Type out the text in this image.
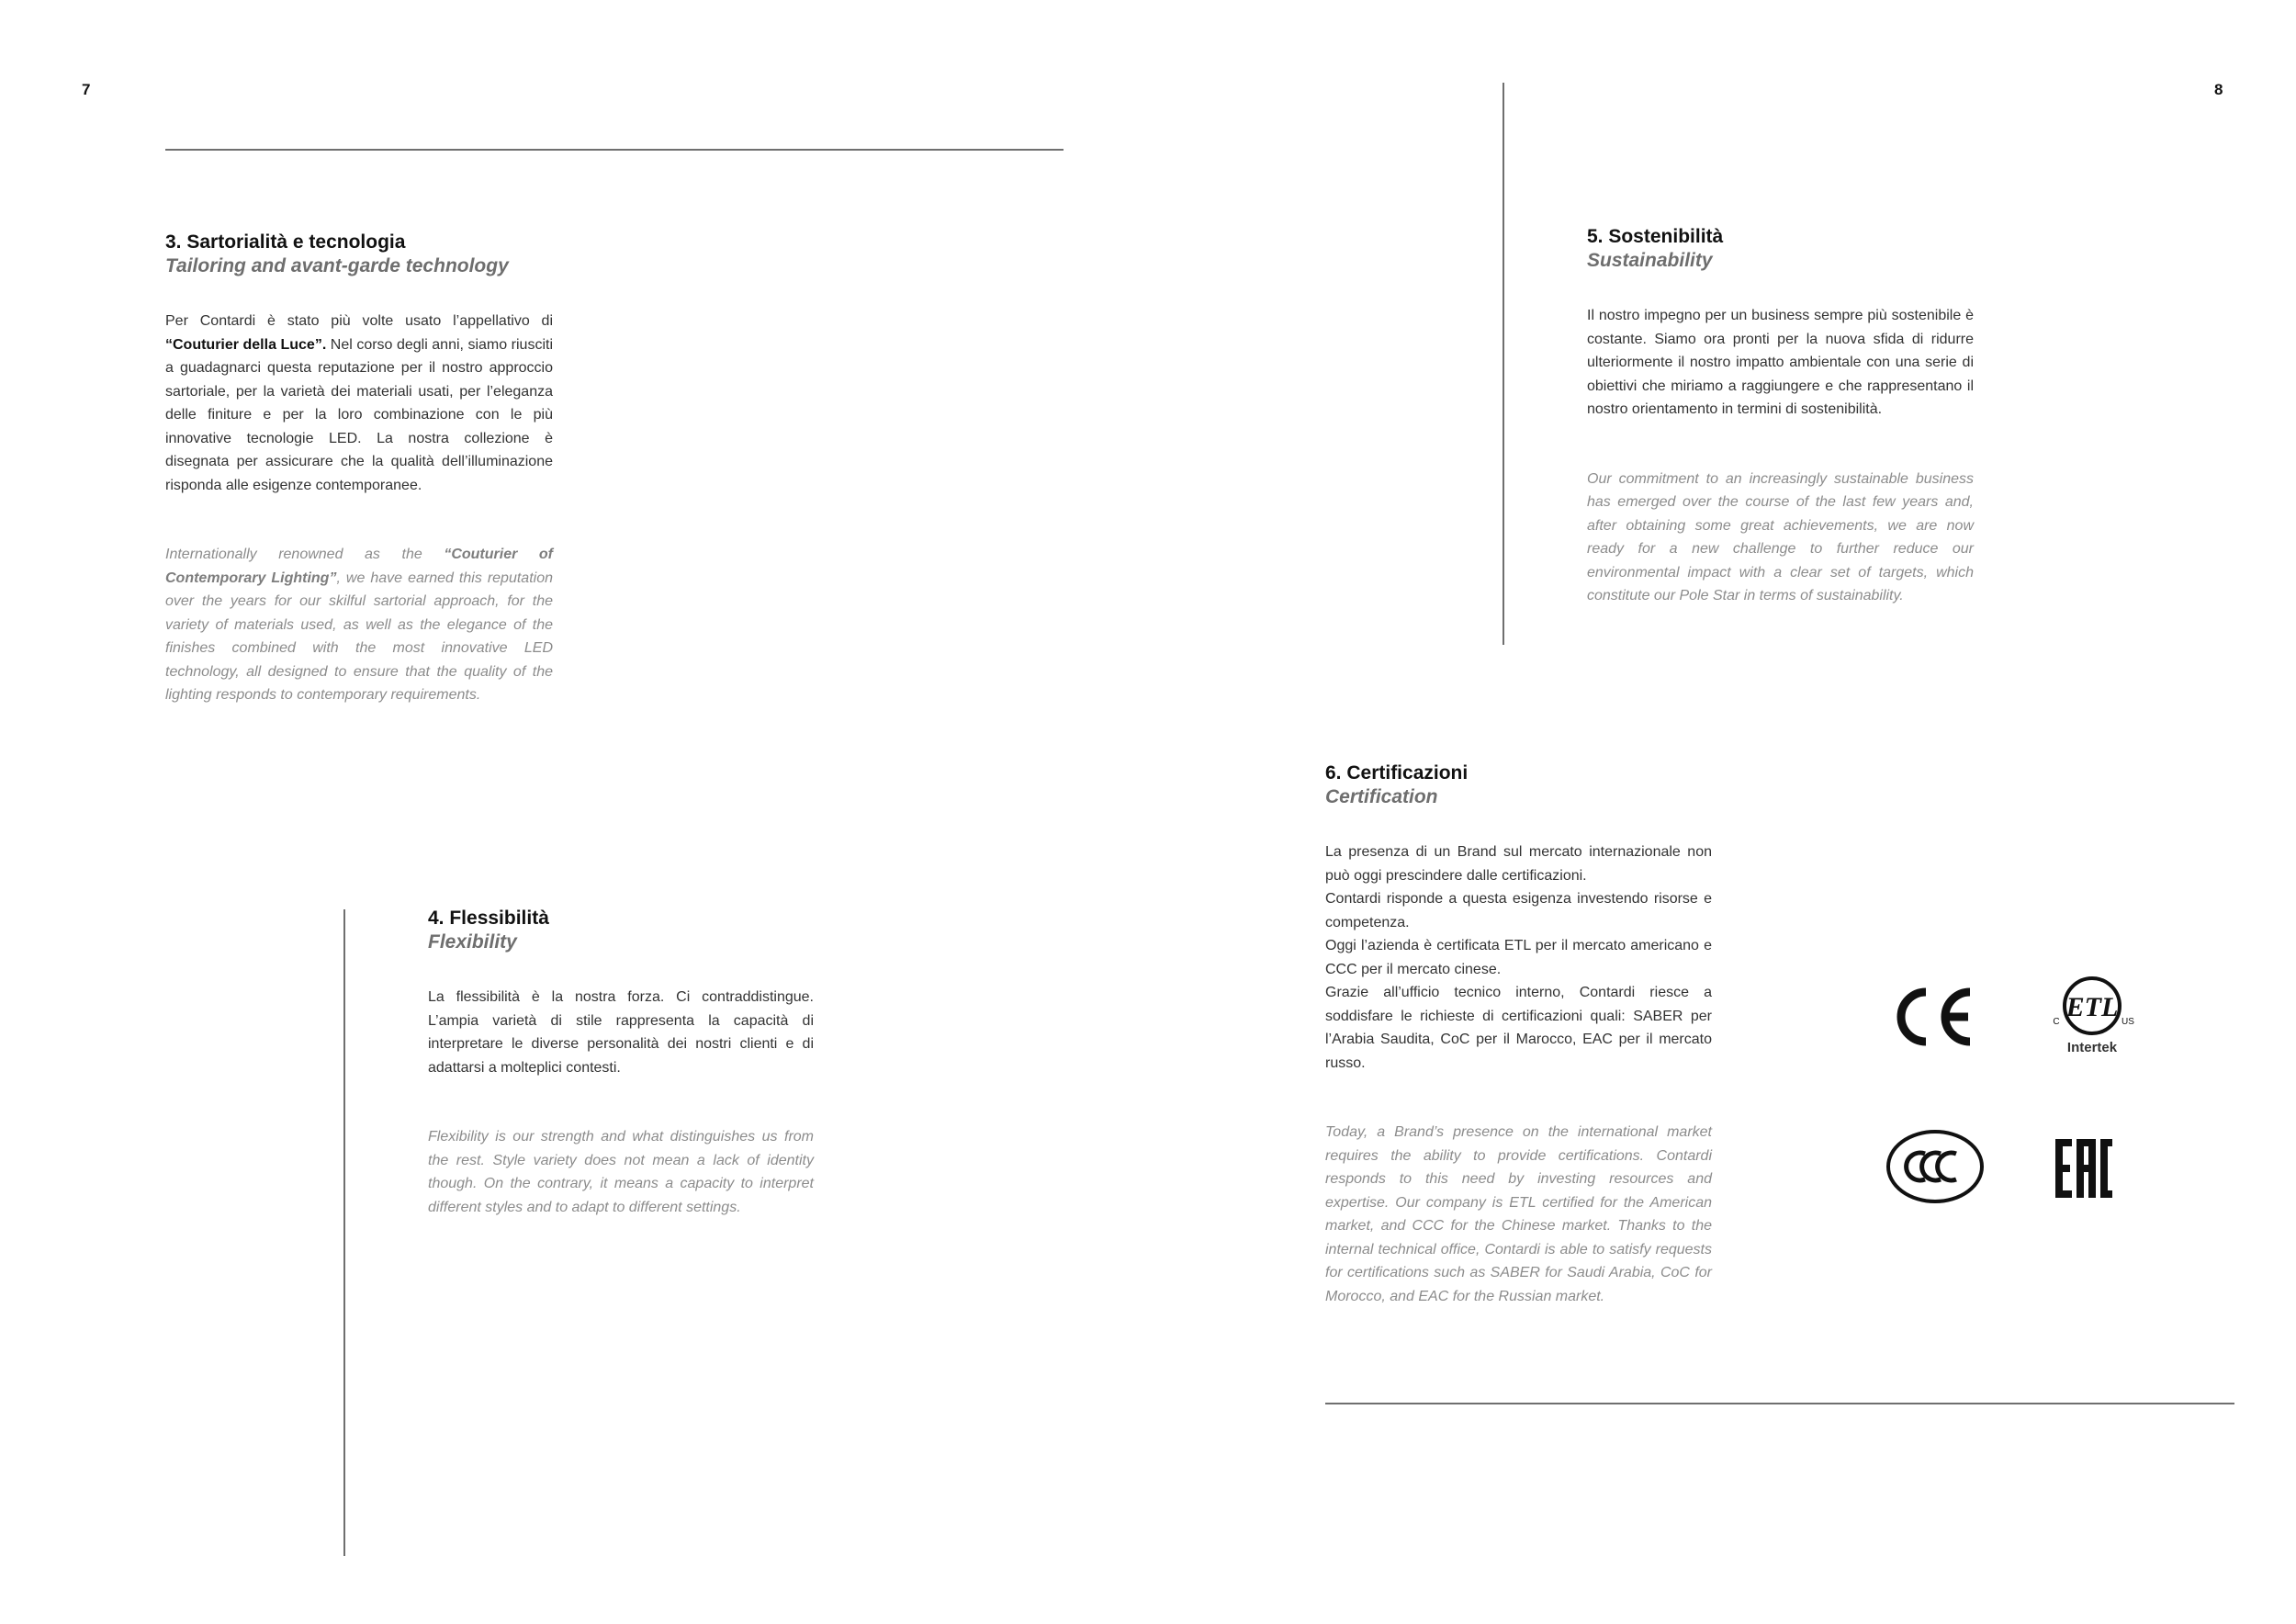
7	8
3. Sartorialità e tecnologia
Tailoring and avant-garde technology
Per Contardi è stato più volte usato l’appellativo di “Couturier della Luce”. Nel corso degli anni, siamo riusciti a guadagnarci questa reputazione per il nostro approccio sartoriale, per la varietà dei materiali usati, per l’eleganza delle finiture e per la loro combinazione con le più innovative tecnologie LED. La nostra collezione è disegnata per assicurare che la qualità dell’illuminazione risponda alle esigenze contemporanee.
Internationally renowned as the “Couturier of Contemporary Lighting”, we have earned this reputation over the years for our skilful sartorial approach, for the variety of materials used, as well as the elegance of the finishes combined with the most innovative LED technology, all designed to ensure that the quality of the lighting responds to contemporary requirements.
4. Flessibilità
Flexibility
La flessibilità è la nostra forza. Ci contraddistingue. L’ampia varietà di stile rappresenta la capacità di interpretare le diverse personalità dei nostri clienti e di adattarsi a molteplici contesti.
Flexibility is our strength and what distinguishes us from the rest. Style variety does not mean a lack of identity though. On the contrary, it means a capacity to interpret different styles and to adapt to different settings.
5. Sostenibilità
Sustainability
Il nostro impegno per un business sempre più sostenibile è costante. Siamo ora pronti per la nuova sfida di ridurre ulteriormente il nostro impatto ambientale con una serie di obiettivi che miriamo a raggiungere e che rappresentano il nostro orientamento in termini di sostenibilità.
Our commitment to an increasingly sustainable business has emerged over the course of the last few years and, after obtaining some great achievements, we are now ready for a new challenge to further reduce our environmental impact with a clear set of targets, which constitute our Pole Star in terms of sustainability.
6. Certificazioni
Certification

La presenza di un Brand sul mercato internazionale non può oggi prescindere dalle certificazioni.

Contardi risponde a questa esigenza investendo risorse e competenza.

Oggi l’azienda è certificata ETL per il mercato americano e CCC per il mercato cinese.

Grazie all’ufficio tecnico interno, Contardi riesce a soddisfare le richieste di certificazioni quali: SABER per l’Arabia Saudita, CoC per il Marocco, EAC per il mercato russo.

Today, a Brand’s presence on the international market requires the ability to provide certifications. Contardi responds to this need by investing resources and expertise. Our company is ETL certified for the American market, and CCC for the Chinese market. Thanks to the internal technical office, Contardi is able to satisfy requests for certifications such as SABER for Saudi Arabia, CoC for Morocco, and EAC for the Russian market.
ETL
C	US
Intertek
